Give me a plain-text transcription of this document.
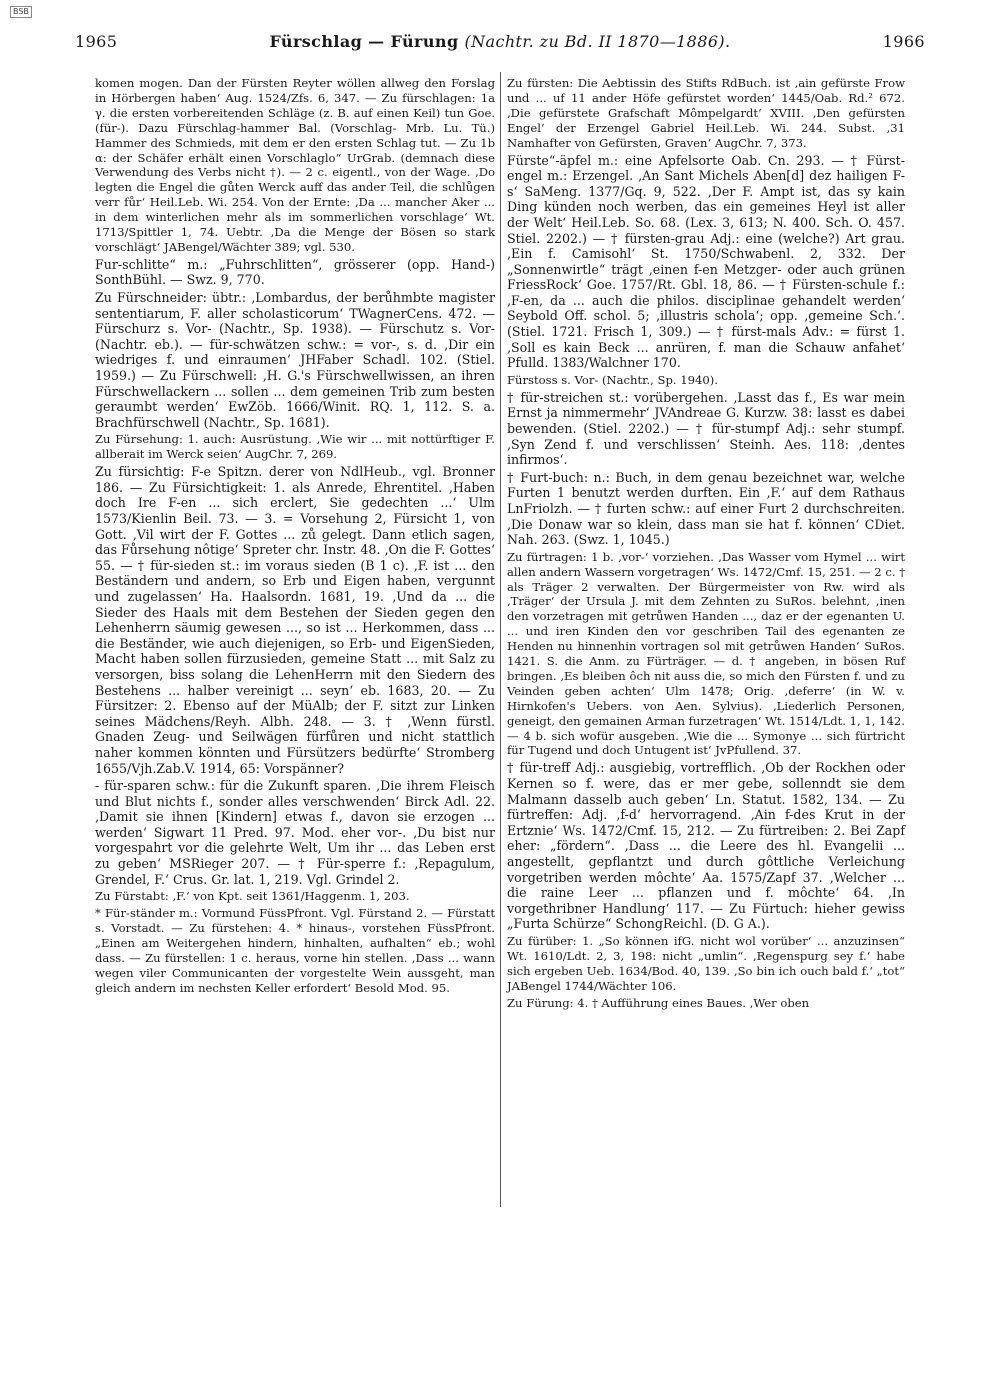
BSB
1965	Fürschlag — Fürung (Nachtr. zu Bd. II 1870—1886).	1966

komen mogen. Dan der Fürsten Reyter wöllen allweg den Forslag in Hörbergen haben‘ Aug. 1524/Zfs. 6, 347. — Zu fürschlagen: 1a γ. die ersten vorbereitenden Schläge (z. B. auf einen Keil) tun Goe. (für-). Dazu Fürschlag-hammer Bal. (Vorschlag- Mrb. Lu. Tü.) Hammer des Schmieds, mit dem er den ersten Schlag tut. — Zu 1b α: der Schäfer erhält einen Vorschlaglo“ UrGrab. (demnach diese Verwendung des Verbs nicht †). — 2 c. eigentl., von der Wage. ‚Do legten die Engel die gůten Werck auff das ander Teil, die schlůgen verr fůr‘ Heil.Leb. Wi. 254. Von der Ernte: ‚Da ... mancher Aker ... in dem winterlichen mehr als im sommerlichen vorschlage‘ Wt. 1713/Spittler 1, 74. Uebtr. ‚Da die Menge der Bösen so stark vorschlägt‘ JABengel/Wächter 389; vgl. 530.

Fur-schlitte“ m.: „Fuhrschlitten“, grösserer (opp. Hand-) SonthBühl. — Swz. 9, 770.

Zu Fürschneider: übtr.: ‚Lombardus, der berůhmbte magister sententiarum, F. aller scholasticorum‘ TWagnerCens. 472. — Fürschurz s. Vor- (Nachtr., Sp. 1938). — Fürschutz s. Vor- (Nachtr. eb.). — für-schwätzen schw.: = vor-, s. d. ‚Dir ein wiedriges f. und einraumen‘ JHFaber Schadl. 102. (Stiel. 1959.) — Zu Fürschwell: ‚H. G.'s Fürschwellwissen, an ihren Fürschwellackern ... sollen ... dem gemeinen Trib zum besten geraumbt werden‘ EwZöb. 1666/Winit. RQ. 1, 112. S. a. Brachfürschwell (Nachtr., Sp. 1681).

Zu Fürsehung: 1. auch: Ausrüstung. ‚Wie wir ... mit nottürftiger F. allberait im Werck seien‘ AugChr. 7, 269.

Zu fürsichtig: F-e Spitzn. derer von NdlHeub., vgl. Bronner 186. — Zu Fürsichtigkeit: 1. als Anrede, Ehrentitel. ‚Haben doch Ire F-en ... sich erclert, Sie gedechten ...‘ Ulm 1573/Kienlin Beil. 73. — 3. = Vorsehung 2, Fürsicht 1, von Gott. ‚Vil wirt der F. Gottes ... zů gelegt. Dann etlich sagen, das Fůrsehung nôtige‘ Spreter chr. Instr. 48. ‚On die F. Gottes‘ 55. — † für-sieden st.: im voraus sieden (B 1 c). ‚F. ist ... den Beständern und andern, so Erb und Eigen haben, vergunnt und zugelassen‘ Ha. Haalsordn. 1681, 19. ‚Und da ... die Sieder des Haals mit dem Bestehen der Sieden gegen den Lehenherrn säumig gewesen ..., so ist ... Herkommen, dass ... die Beständer, wie auch diejenigen, so Erb- und EigenSieden, Macht haben sollen fürzusieden, gemeine Statt ... mit Salz zu versorgen, biss solang die LehenHerrn mit den Siedern des Bestehens ... halber vereinigt ... seyn‘ eb. 1683, 20. — Zu Fürsitzer: 2. Ebenso auf der MüAlb; der F. sitzt zur Linken seines Mädchens/Reyh. Albh. 248. — 3. † ‚Wenn fürstl. Gnaden Zeug- und Seilwägen fürfůren und nicht stattlich naher kommen könnten und Fürsützers bedürfte‘ Stromberg 1655/Vjh.Zab.V. 1914, 65: Vorspänner?

- für-sparen schw.: für die Zukunft sparen. ‚Die ihrem Fleisch und Blut nichts f., sonder alles verschwenden‘ Birck Adl. 22. ‚Damit sie ihnen [Kindern] etwas f., davon sie erzogen ... werden‘ Sigwart 11 Pred. 97. Mod. eher vor-. ‚Du bist nur vorgespahrt vor die gelehrte Welt, Um ihr ... das Leben erst zu geben‘ MSRieger 207. — † Für-sperre f.: ‚Repagulum, Grendel, F.‘ Crus. Gr. lat. 1, 219. Vgl. Grindel 2.

Zu Fürstabt: ‚F.‘ von Kpt. seit 1361/Haggenm. 1, 203.

* Für-ständer m.: Vormund FüssPfront. Vgl. Fürstand 2. — Fürstatt s. Vorstadt. — Zu fürstehen: 4. * hinaus-, vorstehen FüssPfront. „Einen am Weitergehen hindern, hinhalten, aufhalten“ eb.; wohl dass. — Zu fürstellen: 1 c. heraus, vorne hin stellen. ‚Dass ... wann wegen viler Communicanten der vorgestelte Wein aussgeht, man gleich andern im nechsten Keller erfordert‘ Besold Mod. 95.

Zu fürsten: Die Aebtissin des Stifts RdBuch. ist ‚ain gefürste Frow und ... uf 11 ander Höfe gefürstet worden‘ 1445/Oab. Rd.² 672. ‚Die gefürstete Grafschaft Mômpelgardt‘ XVIII. ‚Den gefürsten Engel‘ der Erzengel Gabriel Heil.Leb. Wi. 244. Subst. ‚31 Namhafter von Gefürsten, Graven‘ AugChr. 7, 373.

Fürste“-äpfel m.: eine Apfelsorte Oab. Cn. 293. — † Fürst-engel m.: Erzengel. ‚An Sant Michels Aben[d] dez hailigen F-s‘ SaMeng. 1377/Gq. 9, 522. ‚Der F. Ampt ist, das sy kain Ding künden noch werben, das ein gemeines Heyl ist aller der Welt‘ Heil.Leb. So. 68. (Lex. 3, 613; N. 400. Sch. O. 457. Stiel. 2202.) — † fürsten-grau Adj.: eine (welche?) Art grau. ‚Ein f. Camisohl‘ St. 1750/Schwabenl. 2, 332. Der „Sonnenwirtle“ trägt ‚einen f-en Metzger- oder auch grünen FriessRock‘ Goe. 1757/Rt. Gbl. 18, 86. — † Fürsten-schule f.: ‚F-en, da ... auch die philos. disciplinae gehandelt werden‘ Seybold Off. schol. 5; ‚illustris schola‘; opp. ‚gemeine Sch.‘. (Stiel. 1721. Frisch 1, 309.) — † fürst-mals Adv.: = fürst 1. ‚Soll es kain Beck ... anrüren, f. man die Schauw anfahet‘ Pfulld. 1383/Walchner 170.

Fürstoss s. Vor- (Nachtr., Sp. 1940).

† für-streichen st.: vorübergehen. ‚Lasst das f., Es war mein Ernst ja nimmermehr‘ JVAndreae G. Kurzw. 38: lasst es dabei bewenden. (Stiel. 2202.) — † für-stumpf Adj.: sehr stumpf. ‚Syn Zend f. und verschlissen‘ Steinh. Aes. 118: ‚dentes infirmos‘.

† Furt-buch: n.: Buch, in dem genau bezeichnet war, welche Furten 1 benutzt werden durften. Ein ‚F.‘ auf dem Rathaus LnFriolzh. — † furten schw.: auf einer Furt 2 durchschreiten. ‚Die Donaw war so klein, dass man sie hat f. können‘ CDiet. Nah. 263. (Swz. 1, 1045.)

Zu fürtragen: 1 b. ‚vor-‘ vorziehen. ‚Das Wasser vom Hymel ... wirt allen andern Wassern vorgetragen‘ Ws. 1472/Cmf. 15, 251. — 2 c. † als Träger 2 verwalten. Der Bürgermeister von Rw. wird als ‚Träger‘ der Ursula J. mit dem Zehnten zu SuRos. belehnt, ‚inen den vorzetragen mit getrůwen Handen ..., daz er der egenanten U. ... und iren Kinden den vor geschriben Tail des egenanten ze Henden nu hinnenhin vortragen sol mit getrůwen Handen‘ SuRos. 1421. S. die Anm. zu Fürträger. — d. † angeben, in bösen Ruf bringen. ‚Es bleiben ôch nit auss die, so mich den Fürsten f. und zu Veinden geben achten‘ Ulm 1478; Orig. ‚deferre‘ (in W. v. Hirnkofen's Uebers. von Aen. Sylvius). ‚Liederlich Personen, geneigt, den gemainen Arman furzetragen‘ Wt. 1514/Ldt. 1, 1, 142. — 4 b. sich wofür ausgeben. ‚Wie die ... Symonye ... sich fürtricht für Tugend und doch Untugent ist‘ JvPfullend. 37.

† für-treff Adj.: ausgiebig, vortrefflich. ‚Ob der Rockhen oder Kernen so f. were, das er mer gebe, sollenndt sie dem Malmann dasselb auch geben‘ Ln. Statut. 1582, 134. — Zu fürtreffen: Adj. ‚f-d‘ hervorragend. ‚Ain f-des Krut in der Ertznie‘ Ws. 1472/Cmf. 15, 212. — Zu fürtreiben: 2. Bei Zapf eher: „fördern“. ‚Dass ... die Leere des hl. Evangelii ... angestellt, gepflantzt und durch gôttliche Verleichung vorgetriben werden môchte‘ Aa. 1575/Zapf 37. ‚Welcher ... die raine Leer ... pflanzen und f. môchte‘ 64. ‚In vorgethribner Handlung‘ 117. — Zu Fürtuch: hieher gewiss „Furta Schürze“ SchongReichl. (D. G A.).

Zu fürüber: 1. „So können ifG. nicht wol vorüber‘ ... anzuzinsen“ Wt. 1610/Ldt. 2, 3, 198: nicht „umlin“. ‚Regenspurg sey f.‘ habe sich ergeben Ueb. 1634/Bod. 40, 139. ‚So bin ich ouch bald f.‘ „tot“ JABengel 1744/Wächter 106.

Zu Fürung: 4. † Aufführung eines Baues. ‚Wer oben
